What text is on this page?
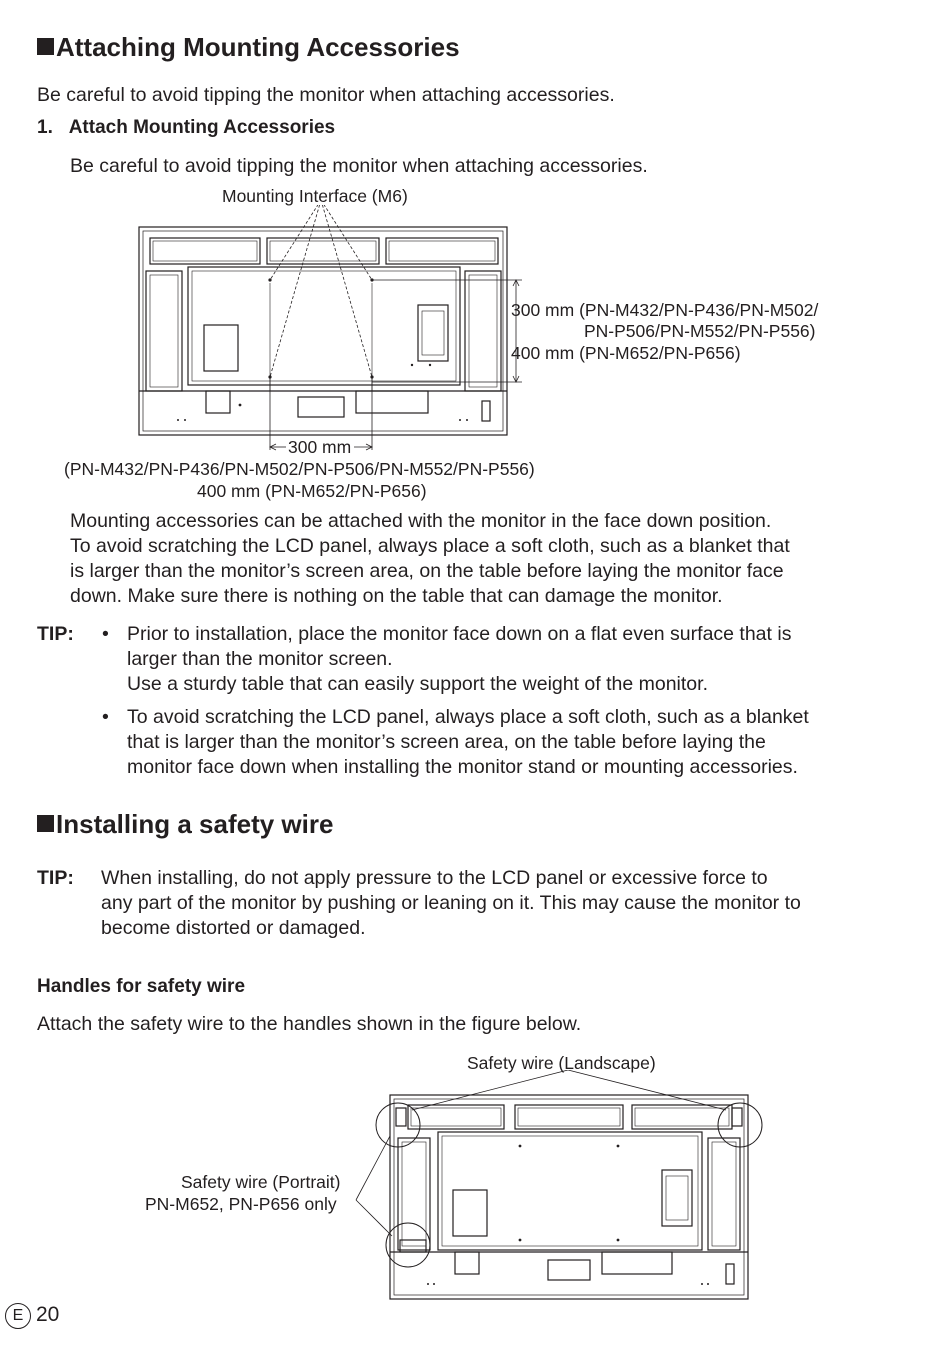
Attaching Mounting Accessories
Be careful to avoid tipping the monitor when attaching accessories.
1. Attach Mounting Accessories
Be careful to avoid tipping the monitor when attaching accessories.
Mounting Interface (M6)
300 mm (PN-M432/PN-P436/PN-M502/
PN-P506/PN-M552/PN-P556)
400 mm (PN-M652/PN-P656)
300 mm
(PN-M432/PN-P436/PN-M502/PN-P506/PN-M552/PN-P556)
400 mm (PN-M652/PN-P656)
Mounting accessories can be attached with the monitor in the face down position.
To avoid scratching the LCD panel, always place a soft cloth, such as a blanket that
is larger than the monitor’s screen area, on the table before laying the monitor face
down. Make sure there is nothing on the table that can damage the monitor.
TIP: • Prior to installation, place the monitor face down on a flat even surface that is
larger than the monitor screen.
Use a sturdy table that can easily support the weight of the monitor.
• To avoid scratching the LCD panel, always place a soft cloth, such as a blanket
that is larger than the monitor’s screen area, on the table before laying the
monitor face down when installing the monitor stand or mounting accessories.
Installing a safety wire
TIP: When installing, do not apply pressure to the LCD panel or excessive force to
any part of the monitor by pushing or leaning on it. This may cause the monitor to
become distorted or damaged.
Handles for safety wire
Attach the safety wire to the handles shown in the figure below.
Safety wire (Landscape)
Safety wire (Portrait)
PN-M652, PN-P656 only
E 20
